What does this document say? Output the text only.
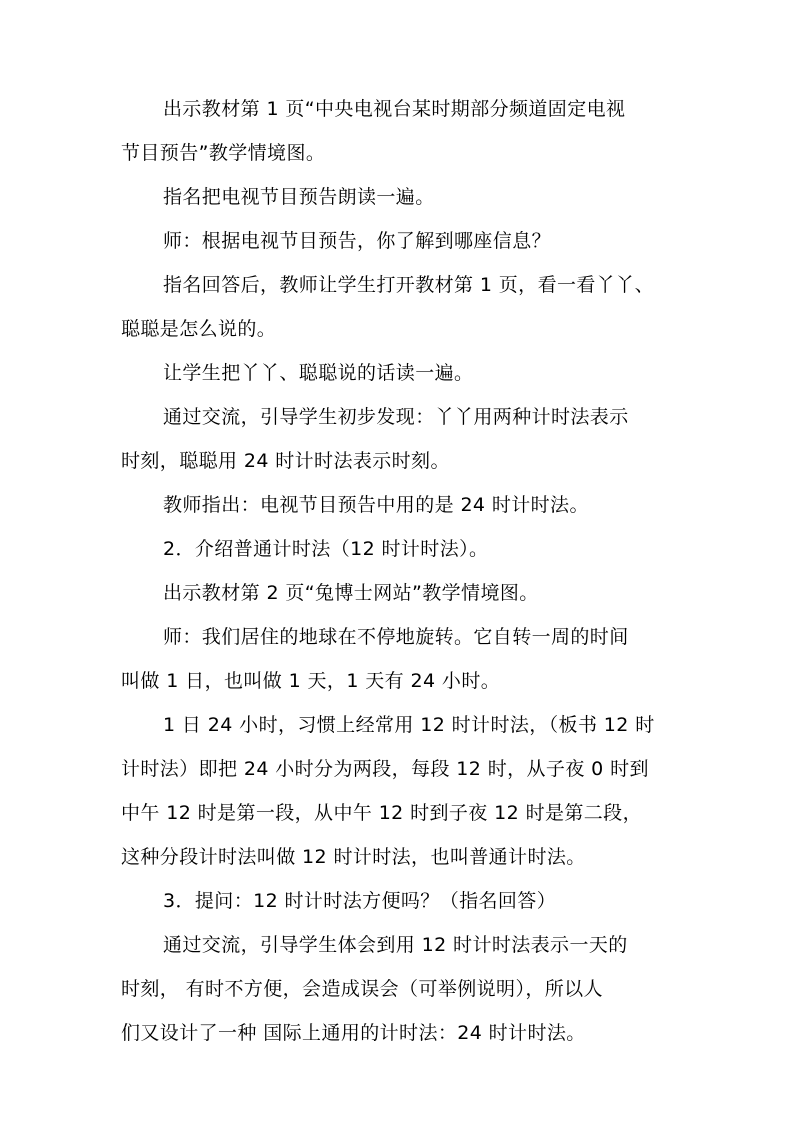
出示教材第 1 页“中央电视台某时期部分频道固定电视
节目预告”教学情境图。
指名把电视节目预告朗读一遍。
师：根据电视节目预告，你了解到哪座信息？
指名回答后，教师让学生打开教材第 1 页，看一看丫丫、
聪聪是怎么说的。
让学生把丫丫、聪聪说的话读一遍。
通过交流，引导学生初步发现：丫丫用两种计时法表示
时刻，聪聪用 24 时计时法表示时刻。
教师指出：电视节目预告中用的是 24 时计时法。
2．介绍普通计时法（12 时计时法）。
出示教材第 2 页“兔博士网站”教学情境图。
师：我们居住的地球在不停地旋转。它自转一周的时间
叫做 1 日，也叫做 1 天，1 天有 24 小时。
1 日 24 小时，习惯上经常用 12 时计时法，（板书 12 时
计时法）即把 24 小时分为两段，每段 12 时，从子夜 0 时到
中午 12 时是第一段，从中午 12 时到子夜 12 时是第二段，
这种分段计时法叫做 12 时计时法，也叫普通计时法。
3．提问：12 时计时法方便吗？（指名回答）
通过交流，引导学生体会到用 12 时计时法表示一天的
时刻， 有时不方便，会造成误会（可举例说明），所以人
们又设计了一种 国际上通用的计时法：24 时计时法。
